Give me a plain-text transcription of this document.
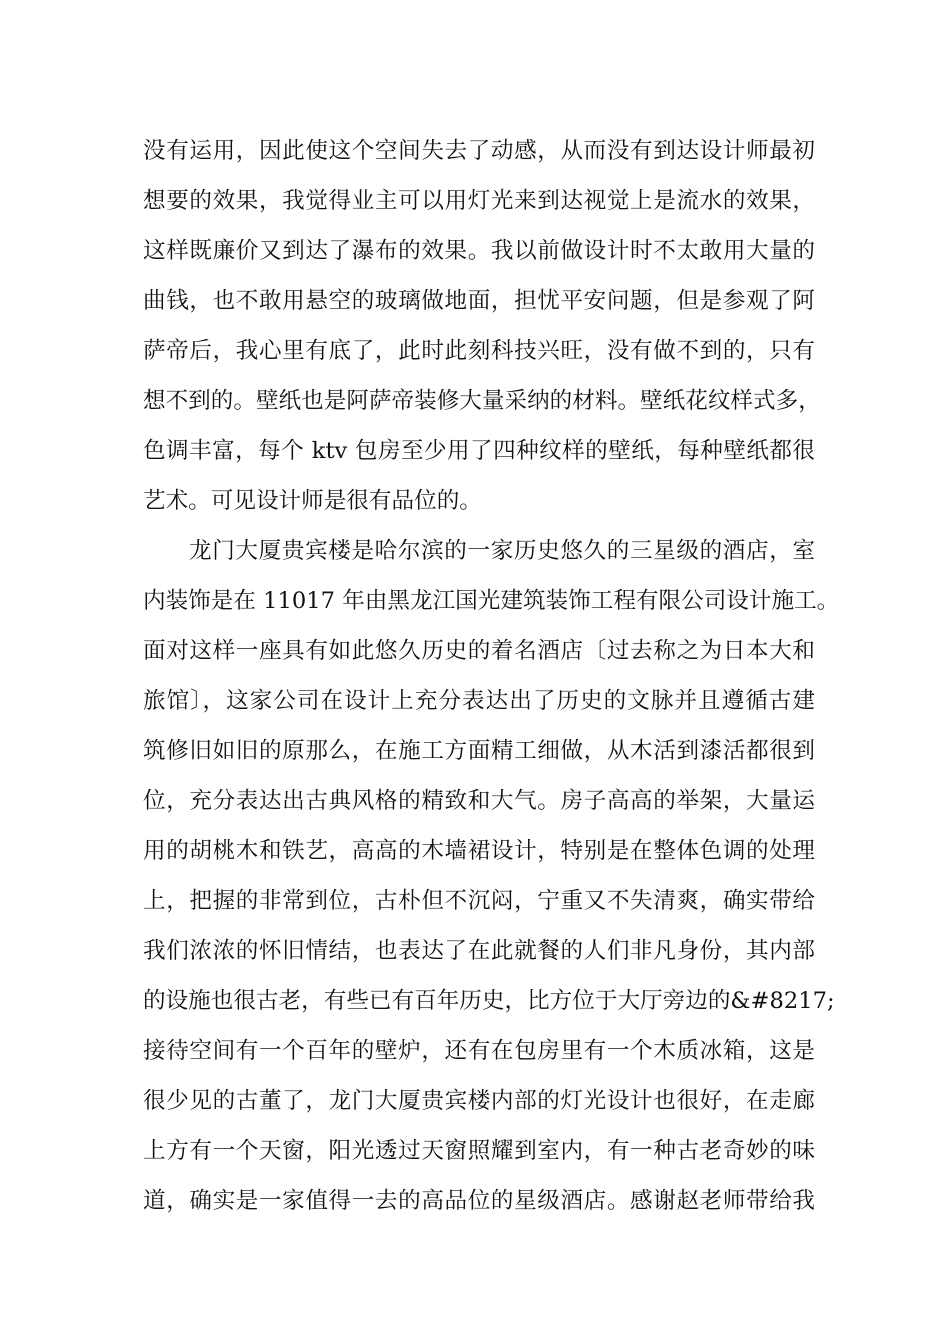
没有运用，因此使这个空间失去了动感，从而没有到达设计师最初
想要的效果，我觉得业主可以用灯光来到达视觉上是流水的效果，
这样既廉价又到达了瀑布的效果。我以前做设计时不太敢用大量的
曲钱，也不敢用悬空的玻璃做地面，担忧平安问题，但是参观了阿
萨帝后，我心里有底了，此时此刻科技兴旺，没有做不到的，只有
想不到的。壁纸也是阿萨帝装修大量采纳的材料。壁纸花纹样式多，
色调丰富，每个 ktv 包房至少用了四种纹样的壁纸，每种壁纸都很
艺术。可见设计师是很有品位的。
龙门大厦贵宾楼是哈尔滨的一家历史悠久的三星级的酒店，室
内装饰是在 11017 年由黑龙江国光建筑装饰工程有限公司设计施工。
面对这样一座具有如此悠久历史的着名酒店〔过去称之为日本大和
旅馆〕，这家公司在设计上充分表达出了历史的文脉并且遵循古建
筑修旧如旧的原那么，在施工方面精工细做，从木活到漆活都很到
位，充分表达出古典风格的精致和大气。房子高高的举架，大量运
用的胡桃木和铁艺，高高的木墙裙设计，特别是在整体色调的处理
上，把握的非常到位，古朴但不沉闷，宁重又不失清爽，确实带给
我们浓浓的怀旧情结，也表达了在此就餐的人们非凡身份，其内部
的设施也很古老，有些已有百年历史，比方位于大厅旁边的&#8217;
接待空间有一个百年的壁炉，还有在包房里有一个木质冰箱，这是
很少见的古董了，龙门大厦贵宾楼内部的灯光设计也很好，在走廊
上方有一个天窗，阳光透过天窗照耀到室内，有一种古老奇妙的味
道，确实是一家值得一去的高品位的星级酒店。感谢赵老师带给我
